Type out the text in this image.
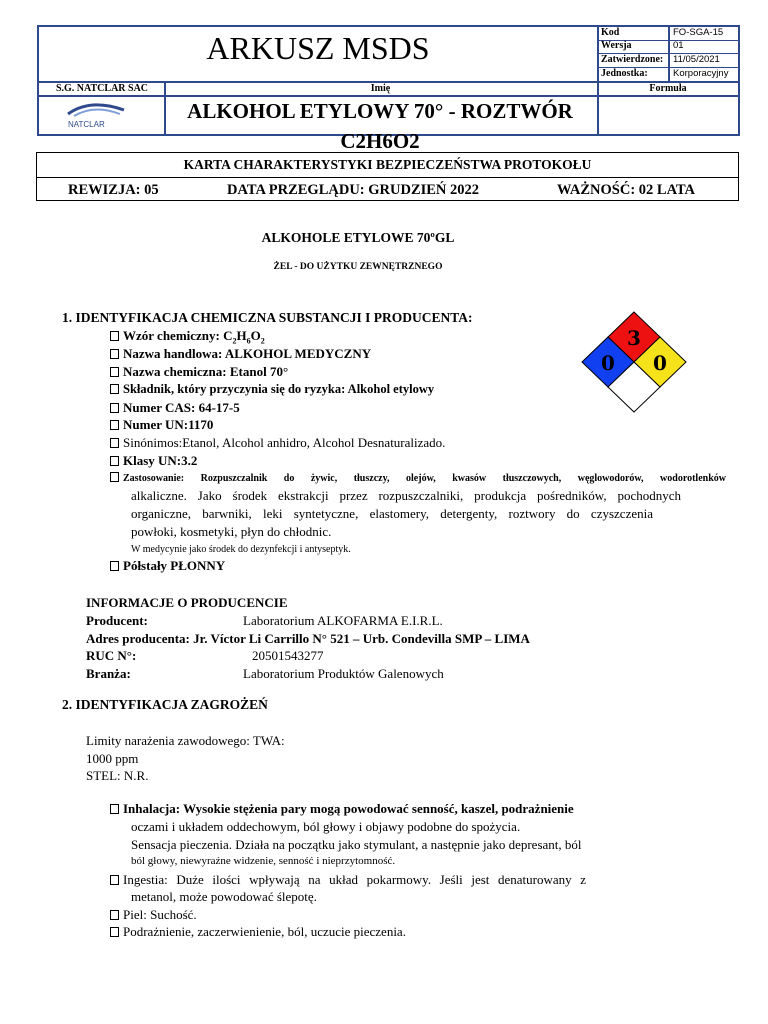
ARKUSZ MSDS	Kod	FO-SGA-15
Wersja	01
Zatwierdzone: 11/05/2021
Jednostka:	Korporacyjny
S.G. NATCLAR SAC	Imię	Formuła
NATCLAR
ALKOHOL ETYLOWY 70° - ROZTWÓR C2H6O2
KARTA CHARAKTERYSTYKI BEZPIECZEŃSTWA PROTOKOŁU
REWIZJA: 05	DATA PRZEGLĄDU: GRUDZIEŃ 2022	WAŻNOŚĆ: 02 LATA
ALKOHOLE ETYLOWE 70ºGL
ŻEL - DO UŻYTKU ZEWNĘTRZNEGO
1. IDENTYFIKACJA CHEMICZNA SUBSTANCJI I PRODUCENTA:
Wzór chemiczny: $C_2H_6O_2$
Nazwa handlowa: ALKOHOL MEDYCZNY
Nazwa chemiczna: Etanol 70°
Składnik, który przyczynia się do ryzyka: Alkohol etylowy
Numer CAS: 64-17-5
Numer UN:1170
Sinónimos:Etanol, Alcohol anhidro, Alcohol Desnaturalizado.
Klasy UN:3.2
Zastosowanie: Rozpuszczalnik do żywic, tłuszczy, olejów, kwasów tłuszczowych, węglowodorów, wodorotlenków
alkaliczne. Jako środek ekstrakcji przez rozpuszczalniki, produkcja pośredników, pochodnych
organiczne, barwniki, leki syntetyczne, elastomery, detergenty, roztwory do czyszczenia
powłoki, kosmetyki, płyn do chłodnic.
W medycynie jako środek do dezynfekcji i antyseptyk.
Półstały PŁONNY
3
0 0
INFORMACJE O PRODUCENCIE
Producent:	Laboratorium ALKOFARMA E.I.R.L.
Adres producenta: Jr. Víctor Li Carrillo N° 521 – Urb. Condevilla SMP – LIMA
RUC N°:	20501543277
Branża:	Laboratorium Produktów Galenowych
2. IDENTYFIKACJA ZAGROŻEŃ
Limity narażenia zawodowego: TWA:
1000 ppm
STEL: N.R.
Inhalacja: Wysokie stężenia pary mogą powodować senność, kaszel, podrażnienie
oczami i układem oddechowym, ból głowy i objawy podobne do spożycia.
Sensacja pieczenia. Działa na początku jako stymulant, a następnie jako depresant, ból
ból głowy, niewyraźne widzenie, senność i nieprzytomność.
Ingestia: Duże ilości wpływają na układ pokarmowy. Jeśli jest denaturowany z
metanol, może powodować ślepotę.
Piel: Suchość.
Podrażnienie, zaczerwienienie, ból, uczucie pieczenia.
